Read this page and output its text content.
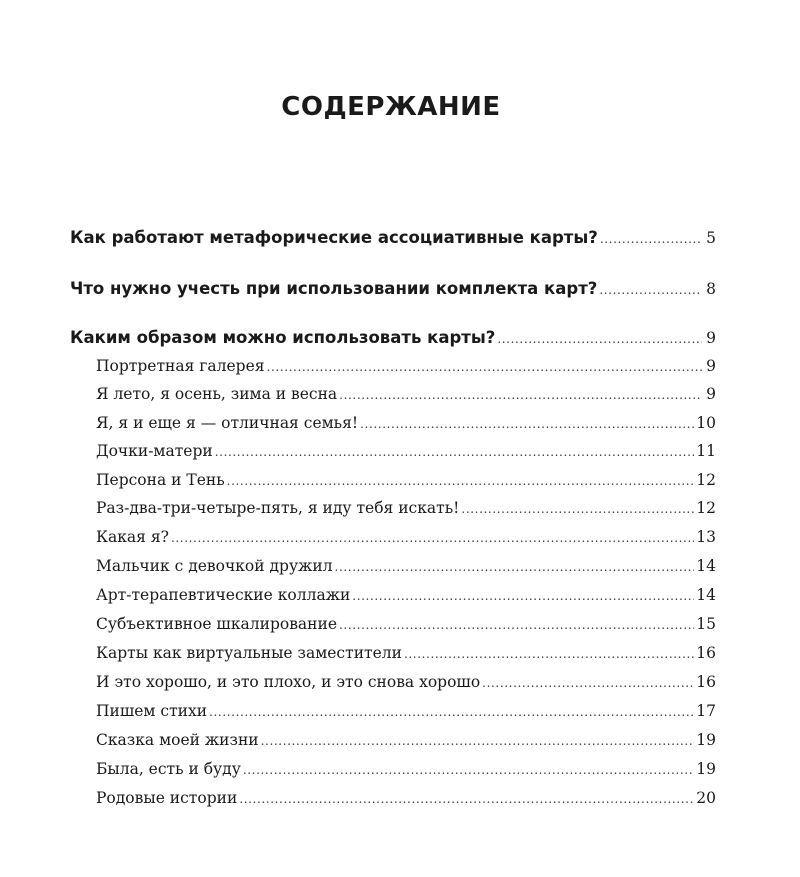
СОДЕРЖАНИЕ
Как работают метафорические ассоциативные карты? .....	5
Что нужно учесть при использовании комплекта карт? .....	8
Каким образом можно использовать карты? .....	9
Портретная галерея .....	9
Я лето, я осень, зима и весна .....	9
Я, я и еще я — отличная семья! .....	10
Дочки-матери .....	11
Персона и Тень .....	12
Раз-два-три-четыре-пять, я иду тебя искать! .....	12
Какая я? .....	13
Мальчик с девочкой дружил .....	14
Арт-терапевтические коллажи .....	14
Субъективное шкалирование .....	15
Карты как виртуальные заместители .....	16
И это хорошо, и это плохо, и это снова хорошо .....	16
Пишем стихи .....	17
Сказка моей жизни .....	19
Была, есть и буду .....	19
Родовые истории .....	20
